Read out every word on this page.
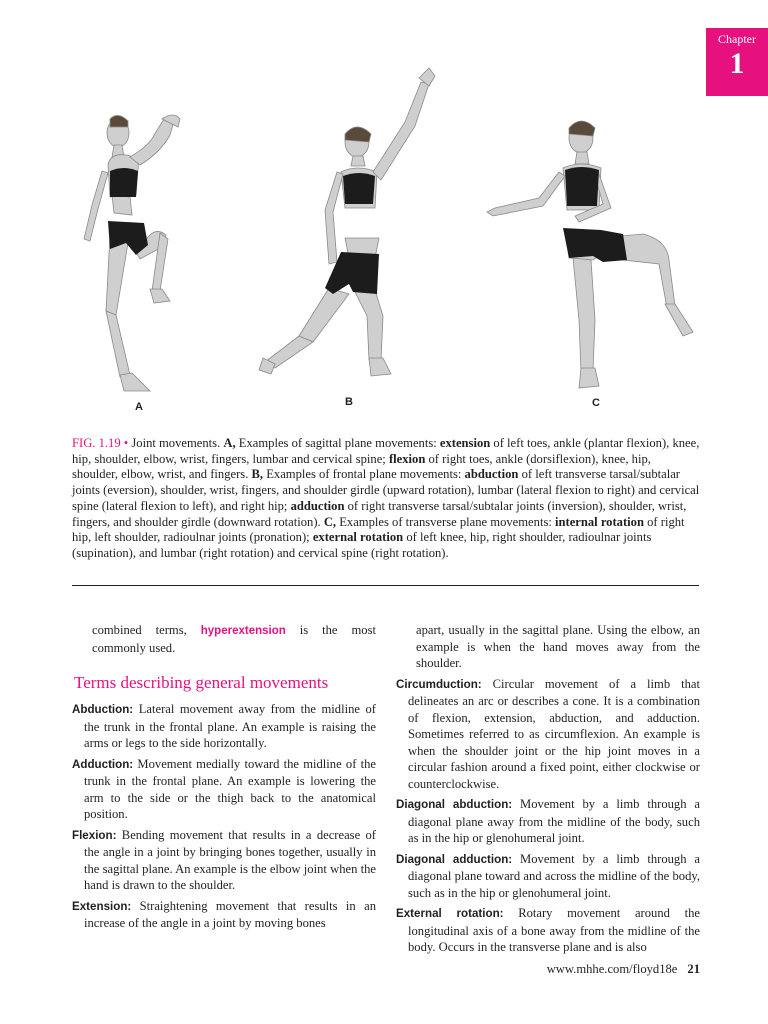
Chapter
1
A	B	C
FIG. 1.19 • Joint movements. A, Examples of sagittal plane movements: extension of left toes, ankle (plantar flexion), knee, hip, shoulder, elbow, wrist, fingers, lumbar and cervical spine; flexion of right toes, ankle (dorsiflexion), knee, hip, shoulder, elbow, wrist, and fingers. B, Examples of frontal plane movements: abduction of left transverse tarsal/subtalar joints (eversion), shoulder, wrist, fingers, and shoulder girdle (upward rotation), lumbar (lateral flexion to right) and cervical spine (lateral flexion to left), and right hip; adduction of right transverse tarsal/subtalar joints (inversion), shoulder, wrist, fingers, and shoulder girdle (downward rotation). C, Examples of transverse plane movements: internal rotation of right hip, left shoulder, radioulnar joints (pronation); external rotation of left knee, hip, right shoulder, radioulnar joints (supination), and lumbar (right rotation) and cervical spine (right rotation).

combined terms, hyperextension is the most commonly used.

Terms describing general movements

Abduction: Lateral movement away from the midline of the trunk in the frontal plane. An example is raising the arms or legs to the side horizontally.

Adduction: Movement medially toward the midline of the trunk in the frontal plane. An example is lowering the arm to the side or the thigh back to the anatomical position.

Flexion: Bending movement that results in a decrease of the angle in a joint by bringing bones together, usually in the sagittal plane. An example is the elbow joint when the hand is drawn to the shoulder.

Extension: Straightening movement that results in an increase of the angle in a joint by moving bones

apart, usually in the sagittal plane. Using the elbow, an example is when the hand moves away from the shoulder.

Circumduction: Circular movement of a limb that delineates an arc or describes a cone. It is a combination of flexion, extension, abduction, and adduction. Sometimes referred to as circumflexion. An example is when the shoulder joint or the hip joint moves in a circular fashion around a fixed point, either clockwise or counterclockwise.

Diagonal abduction: Movement by a limb through a diagonal plane away from the midline of the body, such as in the hip or glenohumeral joint.

Diagonal adduction: Movement by a limb through a diagonal plane toward and across the midline of the body, such as in the hip or glenohumeral joint.

External rotation: Rotary movement around the longitudinal axis of a bone away from the midline of the body. Occurs in the transverse plane and is also

www.mhhe.com/floyd18e 21
